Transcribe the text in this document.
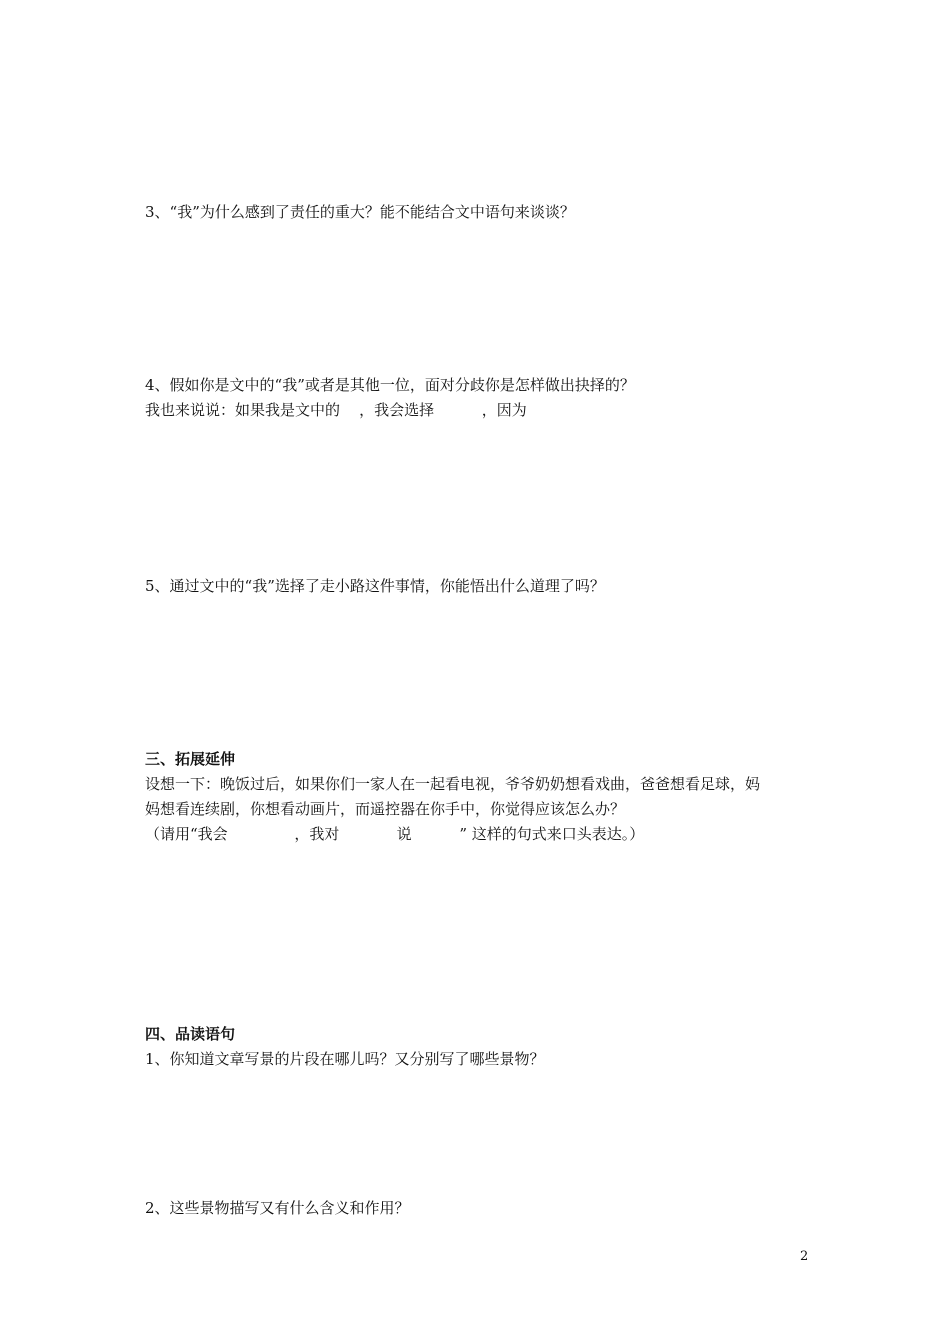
3、“我”为什么感到了责任的重大？能不能结合文中语句来谈谈？

4、假如你是文中的“我”或者是其他一位，面对分歧你是怎样做出抉择的？

我也来说说：如果我是文中的    ，我会选择          ，因为

5、通过文中的“我”选择了走小路这件事情，你能悟出什么道理了吗？

三、拓展延伸

设想一下：晚饭过后，如果你们一家人在一起看电视，爷爷奶奶想看戏曲，爸爸想看足球，妈

妈想看连续剧，你想看动画片，而遥控器在你手中，你觉得应该怎么办？

（请用“我会              ，我对            说          ” 这样的句式来口头表达。）

四、品读语句

1、你知道文章写景的片段在哪儿吗？又分别写了哪些景物？

2、这些景物描写又有什么含义和作用？

2
